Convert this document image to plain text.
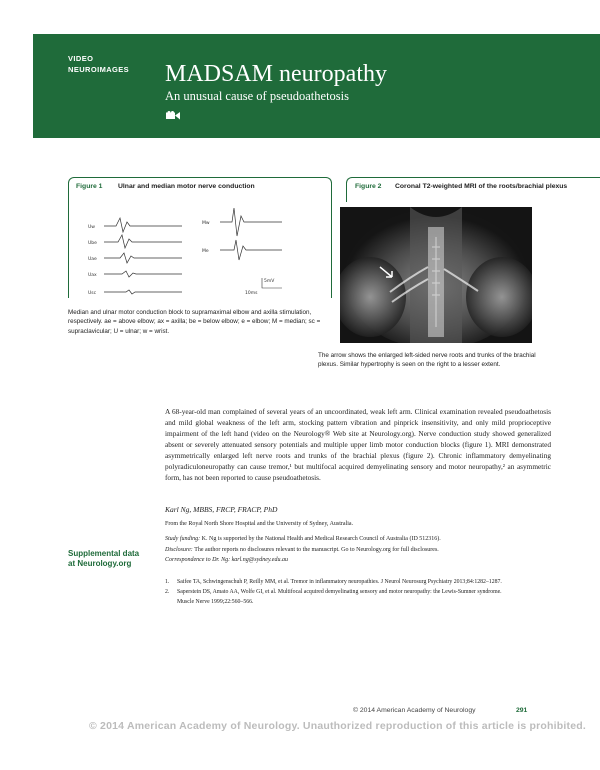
VIDEO
NEUROIMAGES MADSAM neuropathy
An unusual cause of pseudoathetosis
Figure 1 Ulnar and median motor nerve conduction
Uw
Ube
Uae
Uax
Usc
Mw
Me
5mV
10ms
Median and ulnar motor conduction block to supramaximal elbow and axilla stimulation, respectively. ae = above elbow; ax = axilla; be = below elbow; e = elbow; M = median; sc = supraclavicular; U = ulnar; w = wrist.
Figure 2 Coronal T2-weighted MRI of the roots/brachial plexus
The arrow shows the enlarged left-sided nerve roots and trunks of the brachial plexus. Similar hypertrophy is seen on the right to a lesser extent.
A 68-year-old man complained of several years of an uncoordinated, weak left arm. Clinical examination revealed pseudoathetosis and mild global weakness of the left arm, stocking pattern vibration and pinprick insensitivity, and only mild proprioceptive impairment of the left hand (video on the Neurology® Web site at Neurology.org). Nerve conduction study showed generalized absent or severely attenuated sensory potentials and multiple upper limb motor conduction blocks (figure 1). MRI demonstrated asymmetrically enlarged left nerve roots and trunks of the brachial plexus (figure 2). Chronic inflammatory demyelinating polyradiculoneuropathy can cause tremor,¹ but multifocal acquired demyelinating sensory and motor neuropathy,² an asymmetric form, has not been reported to cause pseudoathetosis.
Karl Ng, MBBS, FRCP, FRACP, PhD
From the Royal North Shore Hospital and the University of Sydney, Australia.
Study funding: K. Ng is supported by the National Health and Medical Research Council of Australia (ID 512316).
Disclosure: The author reports no disclosures relevant to the manuscript. Go to Neurology.org for full disclosures.
Correspondence to Dr. Ng: karl.ng@sydney.edu.au
Supplemental data
at Neurology.org
1.	Saifee TA, Schwingenschuh P, Reilly MM, et al. Tremor in inflammatory neuropathies. J Neurol Neurosurg Psychiatry 2013;84:1282–1287.
2.	Saperstein DS, Amato AA, Wolfe GI, et al. Multifocal acquired demyelinating sensory and motor neuropathy: the Lewis-Sumner syndrome. Muscle Nerve 1999;22:560–566.
© 2014 American Academy of Neurology	291
© 2014 American Academy of Neurology. Unauthorized reproduction of this article is prohibited.
